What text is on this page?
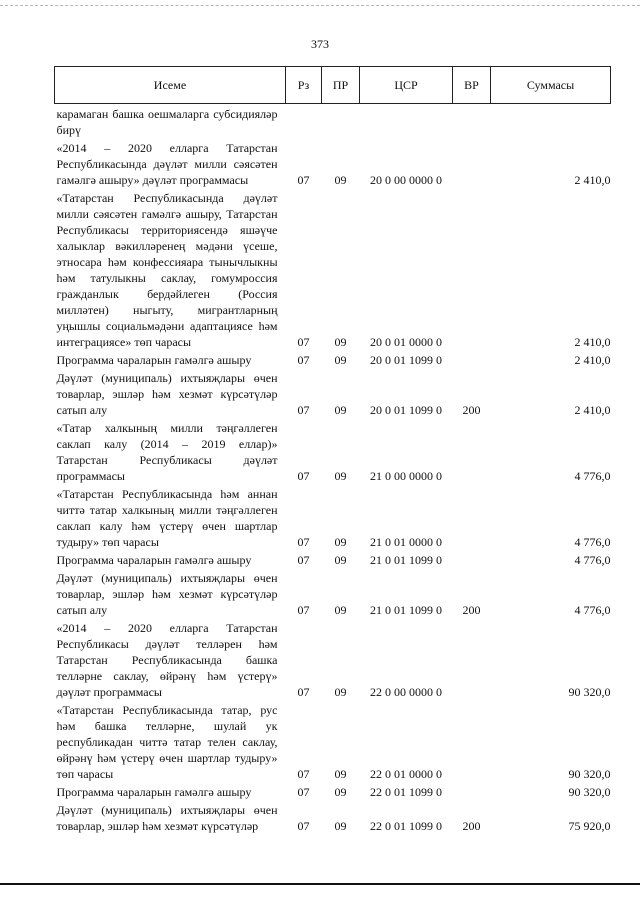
373
Исеме	Рз	ПР	ЦСР	ВР	Суммасы

карамаган башка оешмаларга субсидияләр бирү					

«2014 – 2020 елларга Татарстан Республикасында дәүләт милли сәясәтен гамәлгә ашыру» дәүләт программасы	07	09	20 0 00 0000 0		2 410,0

«Татарстан Республикасында дәүләт милли сәясәтен гамәлгә ашыру, Татарстан Республикасы территориясендә яшәүче халыклар вәкилләренең мәдәни үсеше, этносара һәм конфессияара тынычлыкны һәм татулыкны саклау, гомумроссия гражданлык бердәйлеген (Россия милләтен) ныгыту, мигрантларның уңышлы социальмәдәни адаптациясе һәм интеграциясе» төп чарасы	07	09	20 0 01 0000 0		2 410,0

Программа чараларын гамәлгә ашыру	07	09	20 0 01 1099 0		2 410,0

Дәүләт (муниципаль) ихтыяҗлары өчен товарлар, эшләр һәм хезмәт күрсәтүләр сатып алу	07	09	20 0 01 1099 0	200	2 410,0

«Татар халкының милли тәңгәллеген саклап калу (2014 – 2019 еллар)» Татарстан Республикасы дәүләт программасы	07	09	21 0 00 0000 0		4 776,0

«Татарстан Республикасында һәм аннан читтә татар халкының милли тәңгәллеген саклап калу һәм үстерү өчен шартлар тудыру» төп чарасы	07	09	21 0 01 0000 0		4 776,0

Программа чараларын гамәлгә ашыру	07	09	21 0 01 1099 0		4 776,0

Дәүләт (муниципаль) ихтыяҗлары өчен товарлар, эшләр һәм хезмәт күрсәтүләр сатып алу	07	09	21 0 01 1099 0	200	4 776,0

«2014 – 2020 елларга Татарстан Республикасы дәүләт телләрен һәм Татарстан Республикасында башка телләрне саклау, өйрәнү һәм үстерү» дәүләт программасы	07	09	22 0 00 0000 0		90 320,0

«Татарстан Республикасында татар, рус һәм башка телләрне, шулай ук республикадан читтә татар телен саклау, өйрәнү һәм үстерү өчен шартлар тудыру» төп чарасы	07	09	22 0 01 0000 0		90 320,0

Программа чараларын гамәлгә ашыру	07	09	22 0 01 1099 0		90 320,0

Дәүләт (муниципаль) ихтыяҗлары өчен товарлар, эшләр һәм хезмәт күрсәтүләр	07	09	22 0 01 1099 0	200	75 920,0
